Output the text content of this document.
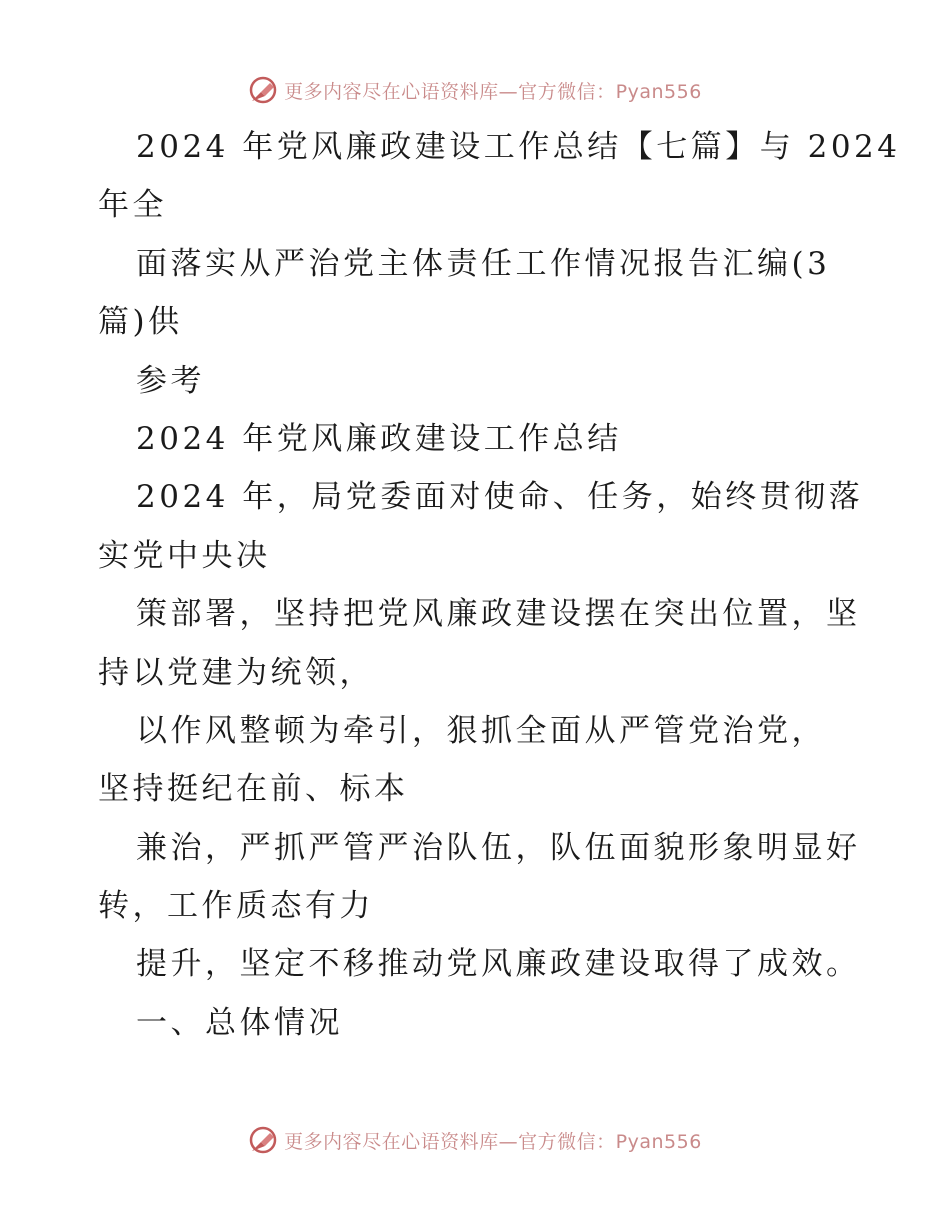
更多内容尽在心语资料库—官方微信：Pyan556
2024 年党风廉政建设工作总结【七篇】与 2024
年全
面落实从严治党主体责任工作情况报告汇编(3
篇)供
参考
2024 年党风廉政建设工作总结
2024 年，局党委面对使命、任务，始终贯彻落
实党中央决
策部署，坚持把党风廉政建设摆在突出位置，坚
持以党建为统领，
以作风整顿为牵引，狠抓全面从严管党治党，
坚持挺纪在前、标本
兼治，严抓严管严治队伍，队伍面貌形象明显好
转，工作质态有力
提升，坚定不移推动党风廉政建设取得了成效。
一、总体情况
更多内容尽在心语资料库—官方微信：Pyan556
